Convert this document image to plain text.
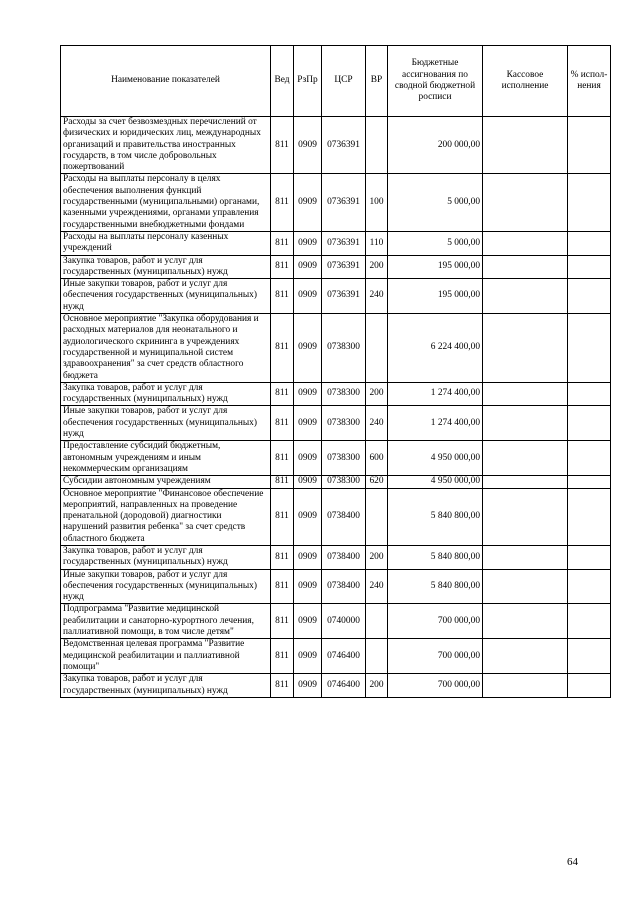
Наименование показателей	Вед	РзПр	ЦСР	ВР	Бюджетные ассигнования по сводной бюджетной росписи	Кассовое исполнение	% испол-нения
Расходы за счет безвозмездных перечислений от физических и юридических лиц, международных организаций и правительства иностранных государств, в том числе добровольных пожертвований	811	0909	0736391		200 000,00		
Расходы на выплаты персоналу в целях обеспечения выполнения функций государственными (муниципальными) органами, казенными учреждениями, органами управления государственными внебюджетными фондами	811	0909	0736391	100	5 000,00		
Расходы на выплаты персоналу казенных учреждений	811	0909	0736391	110	5 000,00		
Закупка товаров, работ и услуг для государственных (муниципальных) нужд	811	0909	0736391	200	195 000,00		
Иные закупки товаров, работ и услуг для обеспечения государственных (муниципальных) нужд	811	0909	0736391	240	195 000,00		
Основное мероприятие "Закупка оборудования и расходных материалов для неонатального и аудиологического скрининга в учреждениях государственной и муниципальной систем здравоохранения" за счет средств областного бюджета	811	0909	0738300		6 224 400,00		
Закупка товаров, работ и услуг для государственных (муниципальных) нужд	811	0909	0738300	200	1 274 400,00		
Иные закупки товаров, работ и услуг для обеспечения государственных (муниципальных) нужд	811	0909	0738300	240	1 274 400,00		
Предоставление субсидий бюджетным, автономным учреждениям и иным некоммерческим организациям	811	0909	0738300	600	4 950 000,00		
Субсидии автономным учреждениям	811	0909	0738300	620	4 950 000,00		
Основное мероприятие "Финансовое обеспечение мероприятий, направленных на проведение пренатальной (дородовой) диагностики нарушений развития ребенка" за счет средств областного бюджета	811	0909	0738400		5 840 800,00		
Закупка товаров, работ и услуг для государственных (муниципальных) нужд	811	0909	0738400	200	5 840 800,00		
Иные закупки товаров, работ и услуг для обеспечения государственных (муниципальных) нужд	811	0909	0738400	240	5 840 800,00		
Подпрограмма "Развитие медицинской реабилитации и санаторно-курортного лечения, паллиативной помощи, в том числе детям"	811	0909	0740000		700 000,00		
Ведомственная целевая программа "Развитие медицинской реабилитации и паллиативной помощи"	811	0909	0746400		700 000,00		
Закупка товаров, работ и услуг для государственных (муниципальных) нужд	811	0909	0746400	200	700 000,00		
64
